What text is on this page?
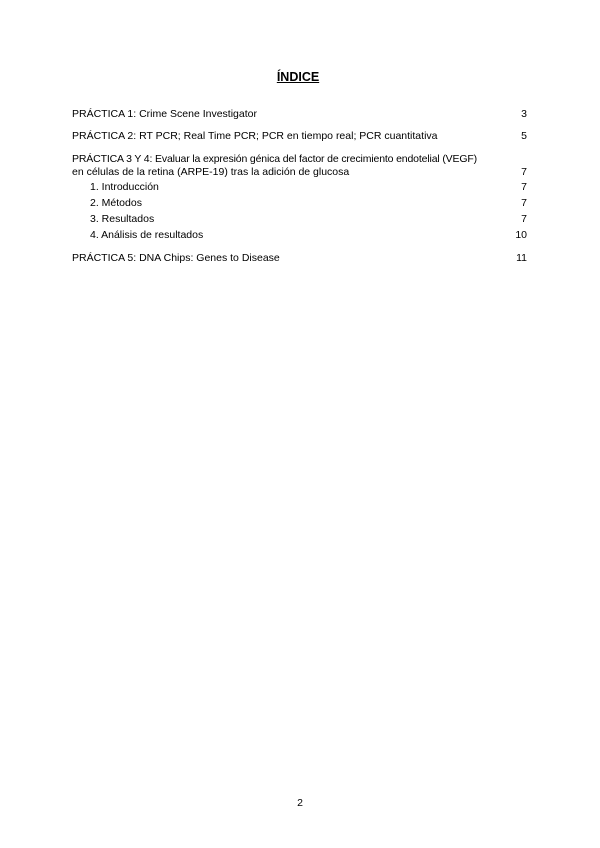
ÍNDICE
PRÁCTICA 1: Crime Scene Investigator	3
PRÁCTICA 2: RT PCR; Real Time PCR; PCR en tiempo real; PCR cuantitativa	5
PRÁCTICA 3 Y 4: Evaluar la expresión génica del factor de crecimiento endotelial (VEGF)
en células de la retina (ARPE-19) tras la adición de glucosa	7
1. Introducción	7
2. Métodos	7
3. Resultados	7
4. Análisis de resultados	10
PRÁCTICA 5: DNA Chips: Genes to Disease	11
2
